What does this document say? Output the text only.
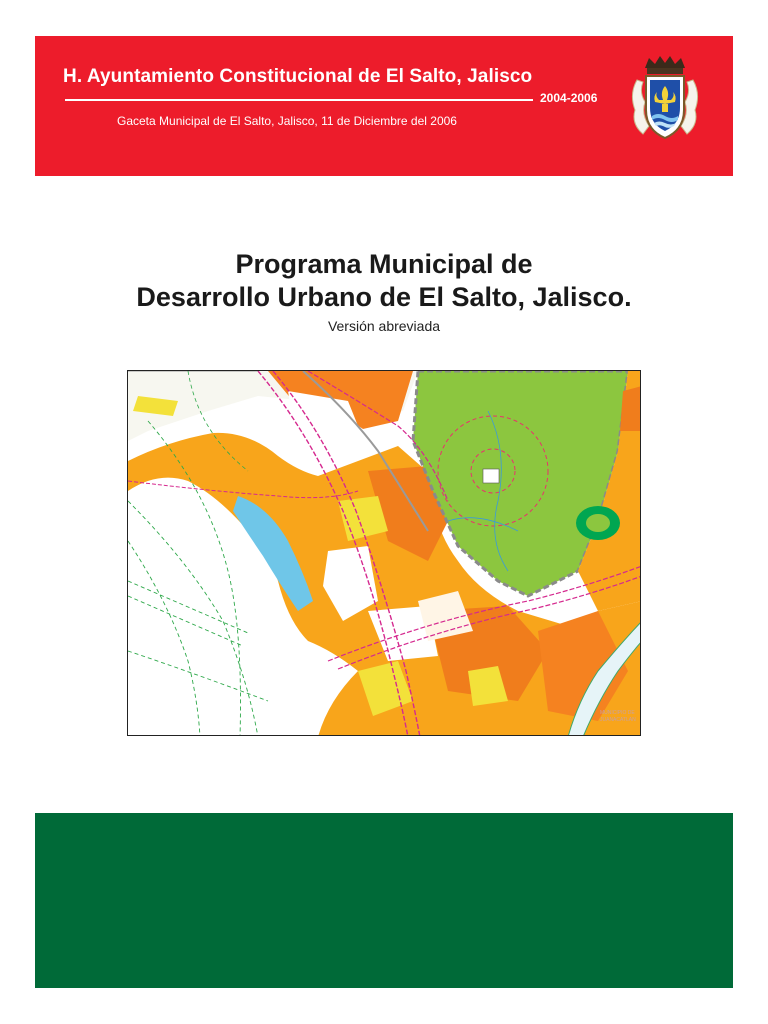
H. Ayuntamiento Constitucional de El Salto, Jalisco
2004-2006
Gaceta Municipal de El Salto, Jalisco, 11 de Diciembre del 2006
Programa Municipal de
Desarrollo Urbano de El Salto, Jalisco.
Versión abreviada
MUNICIPIO DE
JUANACATLAN
